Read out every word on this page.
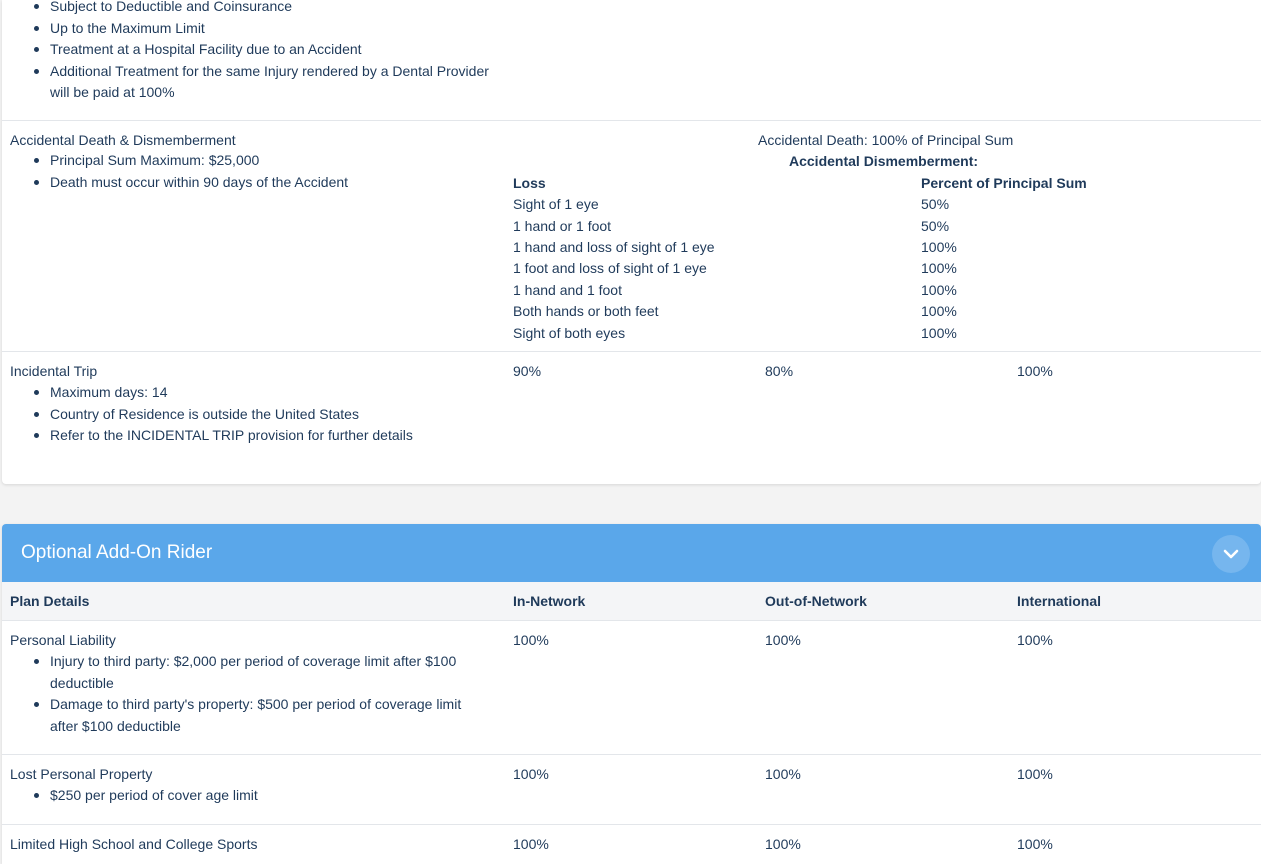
Subject to Deductible and Coinsurance
Up to the Maximum Limit
Treatment at a Hospital Facility due to an Accident
Additional Treatment for the same Injury rendered by a Dental Provider will be paid at 100%
Accidental Death & Dismemberment
Principal Sum Maximum: $25,000
Death must occur within 90 days of the Accident
Accidental Death: 100% of Principal Sum
Accidental Dismemberment:
Loss	Percent of Principal Sum
Sight of 1 eye	50%
1 hand or 1 foot	50%
1 hand and loss of sight of 1 eye	100%
1 foot and loss of sight of 1 eye	100%
1 hand and 1 foot	100%
Both hands or both feet	100%
Sight of both eyes	100%
Incidental Trip
Maximum days: 14
Country of Residence is outside the United States
Refer to the INCIDENTAL TRIP provision for further details
90%	80%	100%
Optional Add-On Rider
Plan Details	In-Network	Out-of-Network	International
Personal Liability
Injury to third party: $2,000 per period of coverage limit after $100 deductible
Damage to third party's property: $500 per period of coverage limit after $100 deductible
100%	100%	100%
Lost Personal Property
$250 per period of cover age limit
100%	100%	100%
Limited High School and College Sports	100%	100%	100%
